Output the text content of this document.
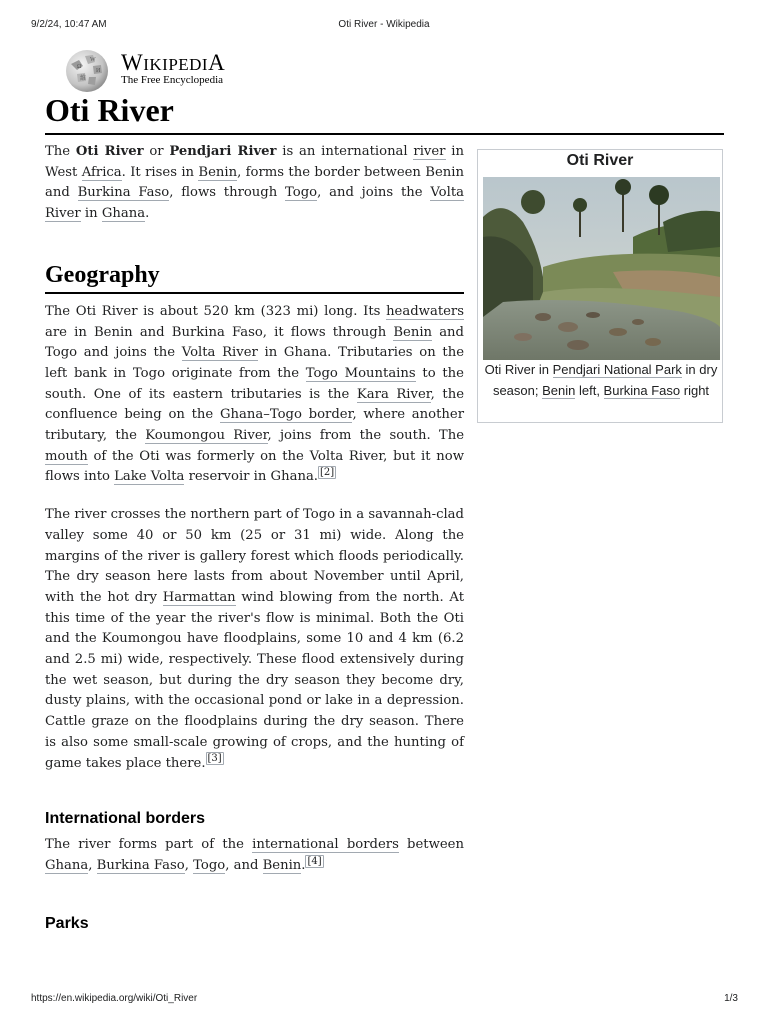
9/2/24, 10:47 AM	Oti River - Wikipedia
Ω
W
И
維
WIKIPEDIA
The Free Encyclopedia
Oti River

The Oti River or Pendjari River is an international river in West Africa. It rises in Benin, forms the border between Benin and Burkina Faso, flows through Togo, and joins the Volta River in Ghana.

Geography

The Oti River is about 520 km (323 mi) long. Its headwaters are in Benin and Burkina Faso, it flows through Benin and Togo and joins the Volta River in Ghana. Tributaries on the left bank in Togo originate from the Togo Mountains to the south. One of its eastern tributaries is the Kara River, the confluence being on the Ghana–Togo border, where another tributary, the Koumongou River, joins from the south. The mouth of the Oti was formerly on the Volta River, but it now flows into Lake Volta reservoir in Ghana. [2]

The river crosses the northern part of Togo in a savannah-clad valley some 40 or 50 km (25 or 31 mi) wide. Along the margins of the river is gallery forest which floods periodically. The dry season here lasts from about November until April, with the hot dry Harmattan wind blowing from the north. At this time of the year the river's flow is minimal. Both the Oti and the Koumongou have floodplains, some 10 and 4 km (6.2 and 2.5 mi) wide, respectively. These flood extensively during the wet season, but during the dry season they become dry, dusty plains, with the occasional pond or lake in a depression. Cattle graze on the floodplains during the dry season. There is also some small-scale growing of crops, and the hunting of game takes place there. [3]

International borders

The river forms part of the international borders between Ghana, Burkina Faso, Togo, and Benin. [4]

Parks
Oti River
Oti River in Pendjari National Park in dry season; Benin left, Burkina Faso right
https://en.wikipedia.org/wiki/Oti_River	1/3
